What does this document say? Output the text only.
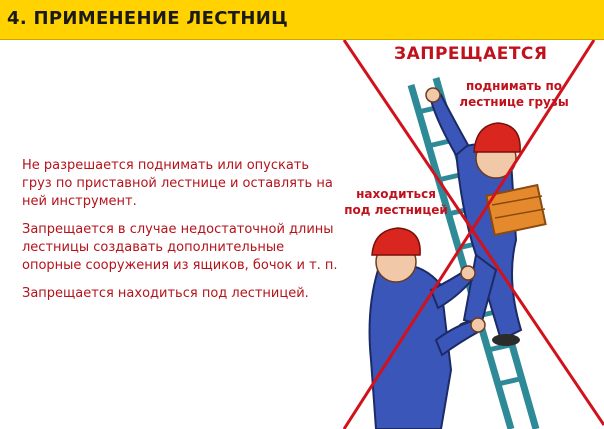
4. ПРИМЕНЕНИЕ ЛЕСТНИЦ

Не разрешается поднимать или опускать груз по приставной лестнице и оставлять на ней инструмент.

Запрещается в случае недостаточной длины лестницы создавать дополнительные опорные сооружения из ящиков, бочок и т. п.

Запрещается находиться под лестницей.

ЗАПРЕЩАЕТСЯ
поднимать по лестнице грузы
находиться под лестницей
